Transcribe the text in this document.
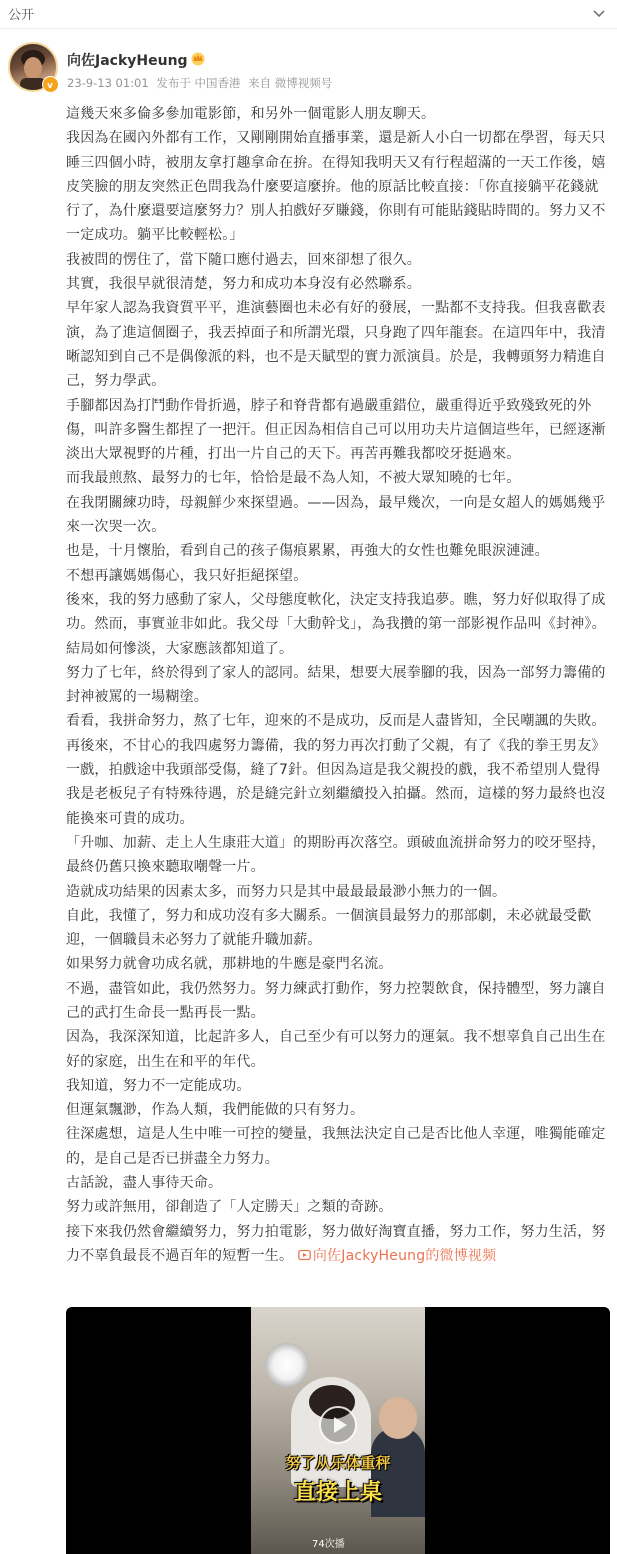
公开
v
向佐JackyHeung
23-9-13 01:01 发布于 中国香港 来自 微博视频号

這幾天來多倫多參加電影節，和另外一個電影人朋友聊天。

我因為在國內外都有工作，又剛剛開始直播事業，還是新人小白一切都在學習，每天只睡三四個小時，被朋友拿打趣拿命在拚。在得知我明天又有行程超滿的一天工作後，嬉皮笑臉的朋友突然正色問我為什麼要這麼拚。他的原話比較直接：「你直接躺平花錢就行了，為什麼還要這麼努力？別人拍戲好歹賺錢，你則有可能貼錢貼時間的。努力又不一定成功。躺平比較輕松。」

我被問的愣住了，當下隨口應付過去，回來卻想了很久。

其實，我很早就很清楚，努力和成功本身沒有必然聯系。

早年家人認為我資質平平，進演藝圈也未必有好的發展，一點都不支持我。但我喜歡表演，為了進這個圈子，我丟掉面子和所謂光環，只身跑了四年龍套。在這四年中，我清晰認知到自己不是偶像派的料，也不是天賦型的實力派演員。於是，我轉頭努力精進自己，努力學武。

手腳都因為打鬥動作骨折過，脖子和脊背都有過嚴重錯位，嚴重得近乎致殘致死的外傷，叫許多醫生都捏了一把汗。但正因為相信自己可以用功夫片這個這些年，已經逐漸淡出大眾視野的片種，打出一片自己的天下。再苦再難我都咬牙挺過來。

而我最煎熬、最努力的七年，恰恰是最不為人知，不被大眾知曉的七年。

在我閉關練功時，母親鮮少來探望過。——因為，最早幾次，一向是女超人的媽媽幾乎來一次哭一次。

也是，十月懷胎，看到自己的孩子傷痕累累，再強大的女性也難免眼淚漣漣。

不想再讓媽媽傷心，我只好拒絕探望。

後來，我的努力感動了家人，父母態度軟化，決定支持我追夢。瞧，努力好似取得了成功。然而，事實並非如此。我父母「大動幹戈」，為我攢的第一部影視作品叫《封神》。

結局如何慘淡，大家應該都知道了。

努力了七年，終於得到了家人的認同。結果，想要大展拳腳的我，因為一部努力籌備的封神被罵的一場糊塗。

看看，我拼命努力，熬了七年，迎來的不是成功，反而是人盡皆知，全民嘲諷的失敗。

再後來，不甘心的我四處努力籌備，我的努力再次打動了父親，有了《我的拳王男友》一戲，拍戲途中我頭部受傷，縫了7針。但因為這是我父親投的戲，我不希望別人覺得我是老板兒子有特殊待遇，於是縫完針立刻繼續投入拍攝。然而，這樣的努力最終也沒能換來可貴的成功。

「升咖、加薪、走上人生康莊大道」的期盼再次落空。頭破血流拼命努力的咬牙堅持，最終仍舊只換來聽取嘲聲一片。

造就成功結果的因素太多，而努力只是其中最最最最渺小無力的一個。

自此，我懂了，努力和成功沒有多大關系。一個演員最努力的那部劇，未必就最受歡迎，一個職員未必努力了就能升職加薪。

如果努力就會功成名就，那耕地的牛應是豪門名流。

不過，盡管如此，我仍然努力。努力練武打動作，努力控製飲食，保持體型，努力讓自己的武打生命長一點再長一點。

因為，我深深知道，比起許多人，自己至少有可以努力的運氣。我不想辜負自己出生在好的家庭，出生在和平的年代。

我知道，努力不一定能成功。

但運氣飄渺，作為人類，我們能做的只有努力。

往深處想，這是人生中唯一可控的變量，我無法決定自己是否比他人幸運，唯獨能確定的，是自己是否已拼盡全力努力。

古話說，盡人事待天命。

努力或許無用，卻創造了「人定勝天」之類的奇跡。

接下來我仍然會繼續努力，努力拍電影，努力做好淘寶直播，努力工作，努力生活，努力不辜負最長不過百年的短暫一生。 向佐JackyHeung的微博视频

努了从乐体重秤
直接上桌
74次播
